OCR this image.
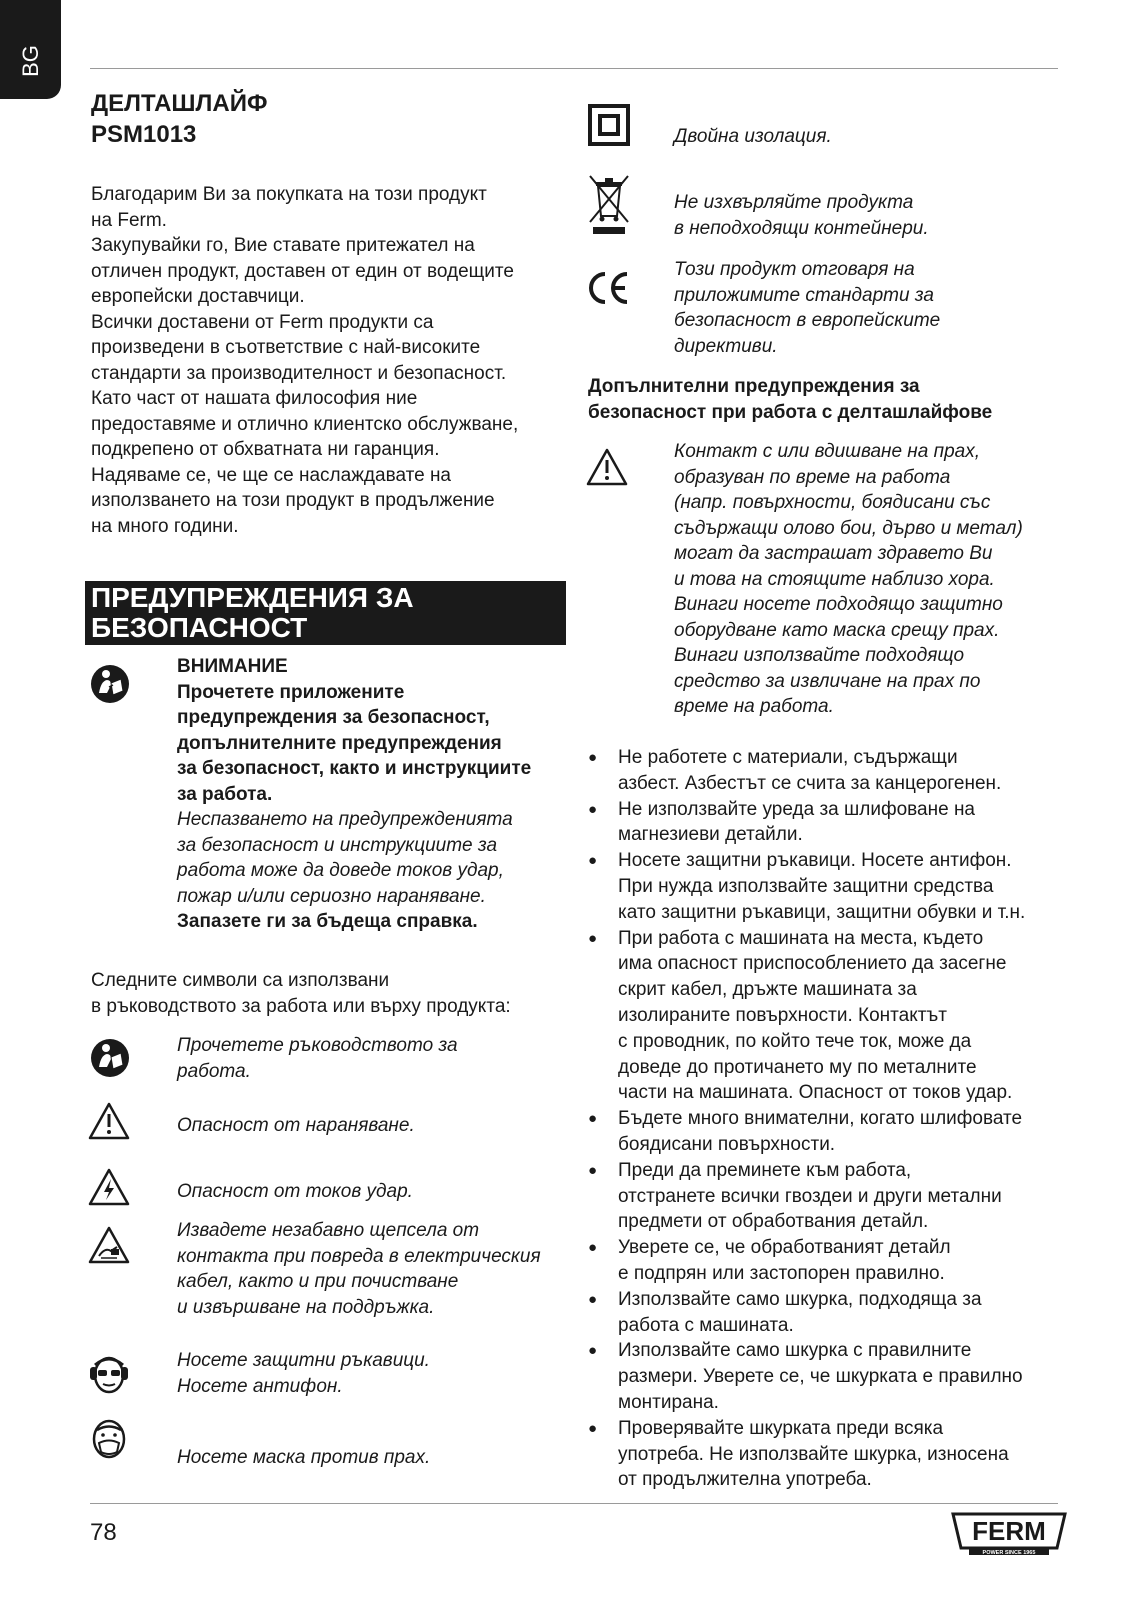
BG
ДЕЛТАШЛАЙФ
PSM1013
Благодарим Ви за покупката на този продукт
на Ferm.
Закупувайки го, Вие ставате притежател на
отличен продукт, доставен от един от водещите
европейски доставчици.
Всички доставени от Ferm продукти са
произведени в съответствие с най-високите
стандарти за производителност и безопасност.
Като част от нашата философия ние
предоставяме и отлично клиентско обслужване,
подкрепено от обхватната ни гаранция.
Надяваме се, че ще се наслаждавате на
използването на този продукт в продължение
на много години.
ПРЕДУПРЕЖДЕНИЯ ЗА
БЕЗОПАСНОСТ
ВНИМАНИЕ
Прочетете приложените
предупреждения за безопасност,
допълнителните предупреждения
за безопасност, както и инструкциите
за работа.
Неспазването на предупрежденията
за безопасност и инструкциите за
работа може да доведе токов удар,
пожар и/или сериозно нараняване.
Запазете ги за бъдеща справка.
Следните символи са използвани
в ръководството за работа или върху продукта:
Прочетете ръководството за
работа.
Опасност от нараняване.
Опасност от токов удар.
Извадете незабавно щепсела от
контакта при повреда в електрическия
кабел, както и при почистване
и извършване на поддръжка.
Носете защитни ръкавици.
Носете антифон.
Носете маска против прах.
Двойна изолация.
Не изхвърляйте продукта
в неподходящи контейнери.
Този продукт отговаря на
приложимите стандарти за
безопасност в европейските
директиви.
Допълнителни предупреждения за
безопасност при работа с делташлайфове
Контакт с или вдишване на прах,
образуван по време на работа
(напр. повърхности, боядисани със
съдържащи олово бои, дърво и метал)
могат да застрашат здравето Ви
и това на стоящите наблизо хора.
Винаги носете подходящо защитно
оборудване като маска срещу прах.
Винаги използвайте подходящо
средство за извличане на прах по
време на работа.
● Не работете с материали, съдържащи
азбест. Азбестът се счита за канцерогенен.
● Не използвайте уреда за шлифоване на
магнезиеви детайли.
● Носете защитни ръкавици. Носете антифон.
При нужда използвайте защитни средства
като защитни ръкавици, защитни обувки и т.н.
● При работа с машината на места, където
има опасност приспособлението да засегне
скрит кабел, дръжте машината за
изолираните повърхности. Контактът
с проводник, по който тече ток, може да
доведе до протичането му по металните
части на машината. Опасност от токов удар.
● Бъдете много внимателни, когато шлифовате
боядисани повърхности.
● Преди да преминете към работа,
отстранете всички гвоздеи и други метални
предмети от обработвания детайл.
● Уверете се, че обработваният детайл
е подпрян или застопорен правилно.
● Използвайте само шкурка, подходяща за
работа с машината.
● Използвайте само шкурка с правилните
размери. Уверете се, че шкурката е правилно
монтирана.
● Проверявайте шкурката преди всяка
употреба. Не използвайте шкурка, износена
от продължителна употреба.
78	FERM
POWER SINCE 1965
